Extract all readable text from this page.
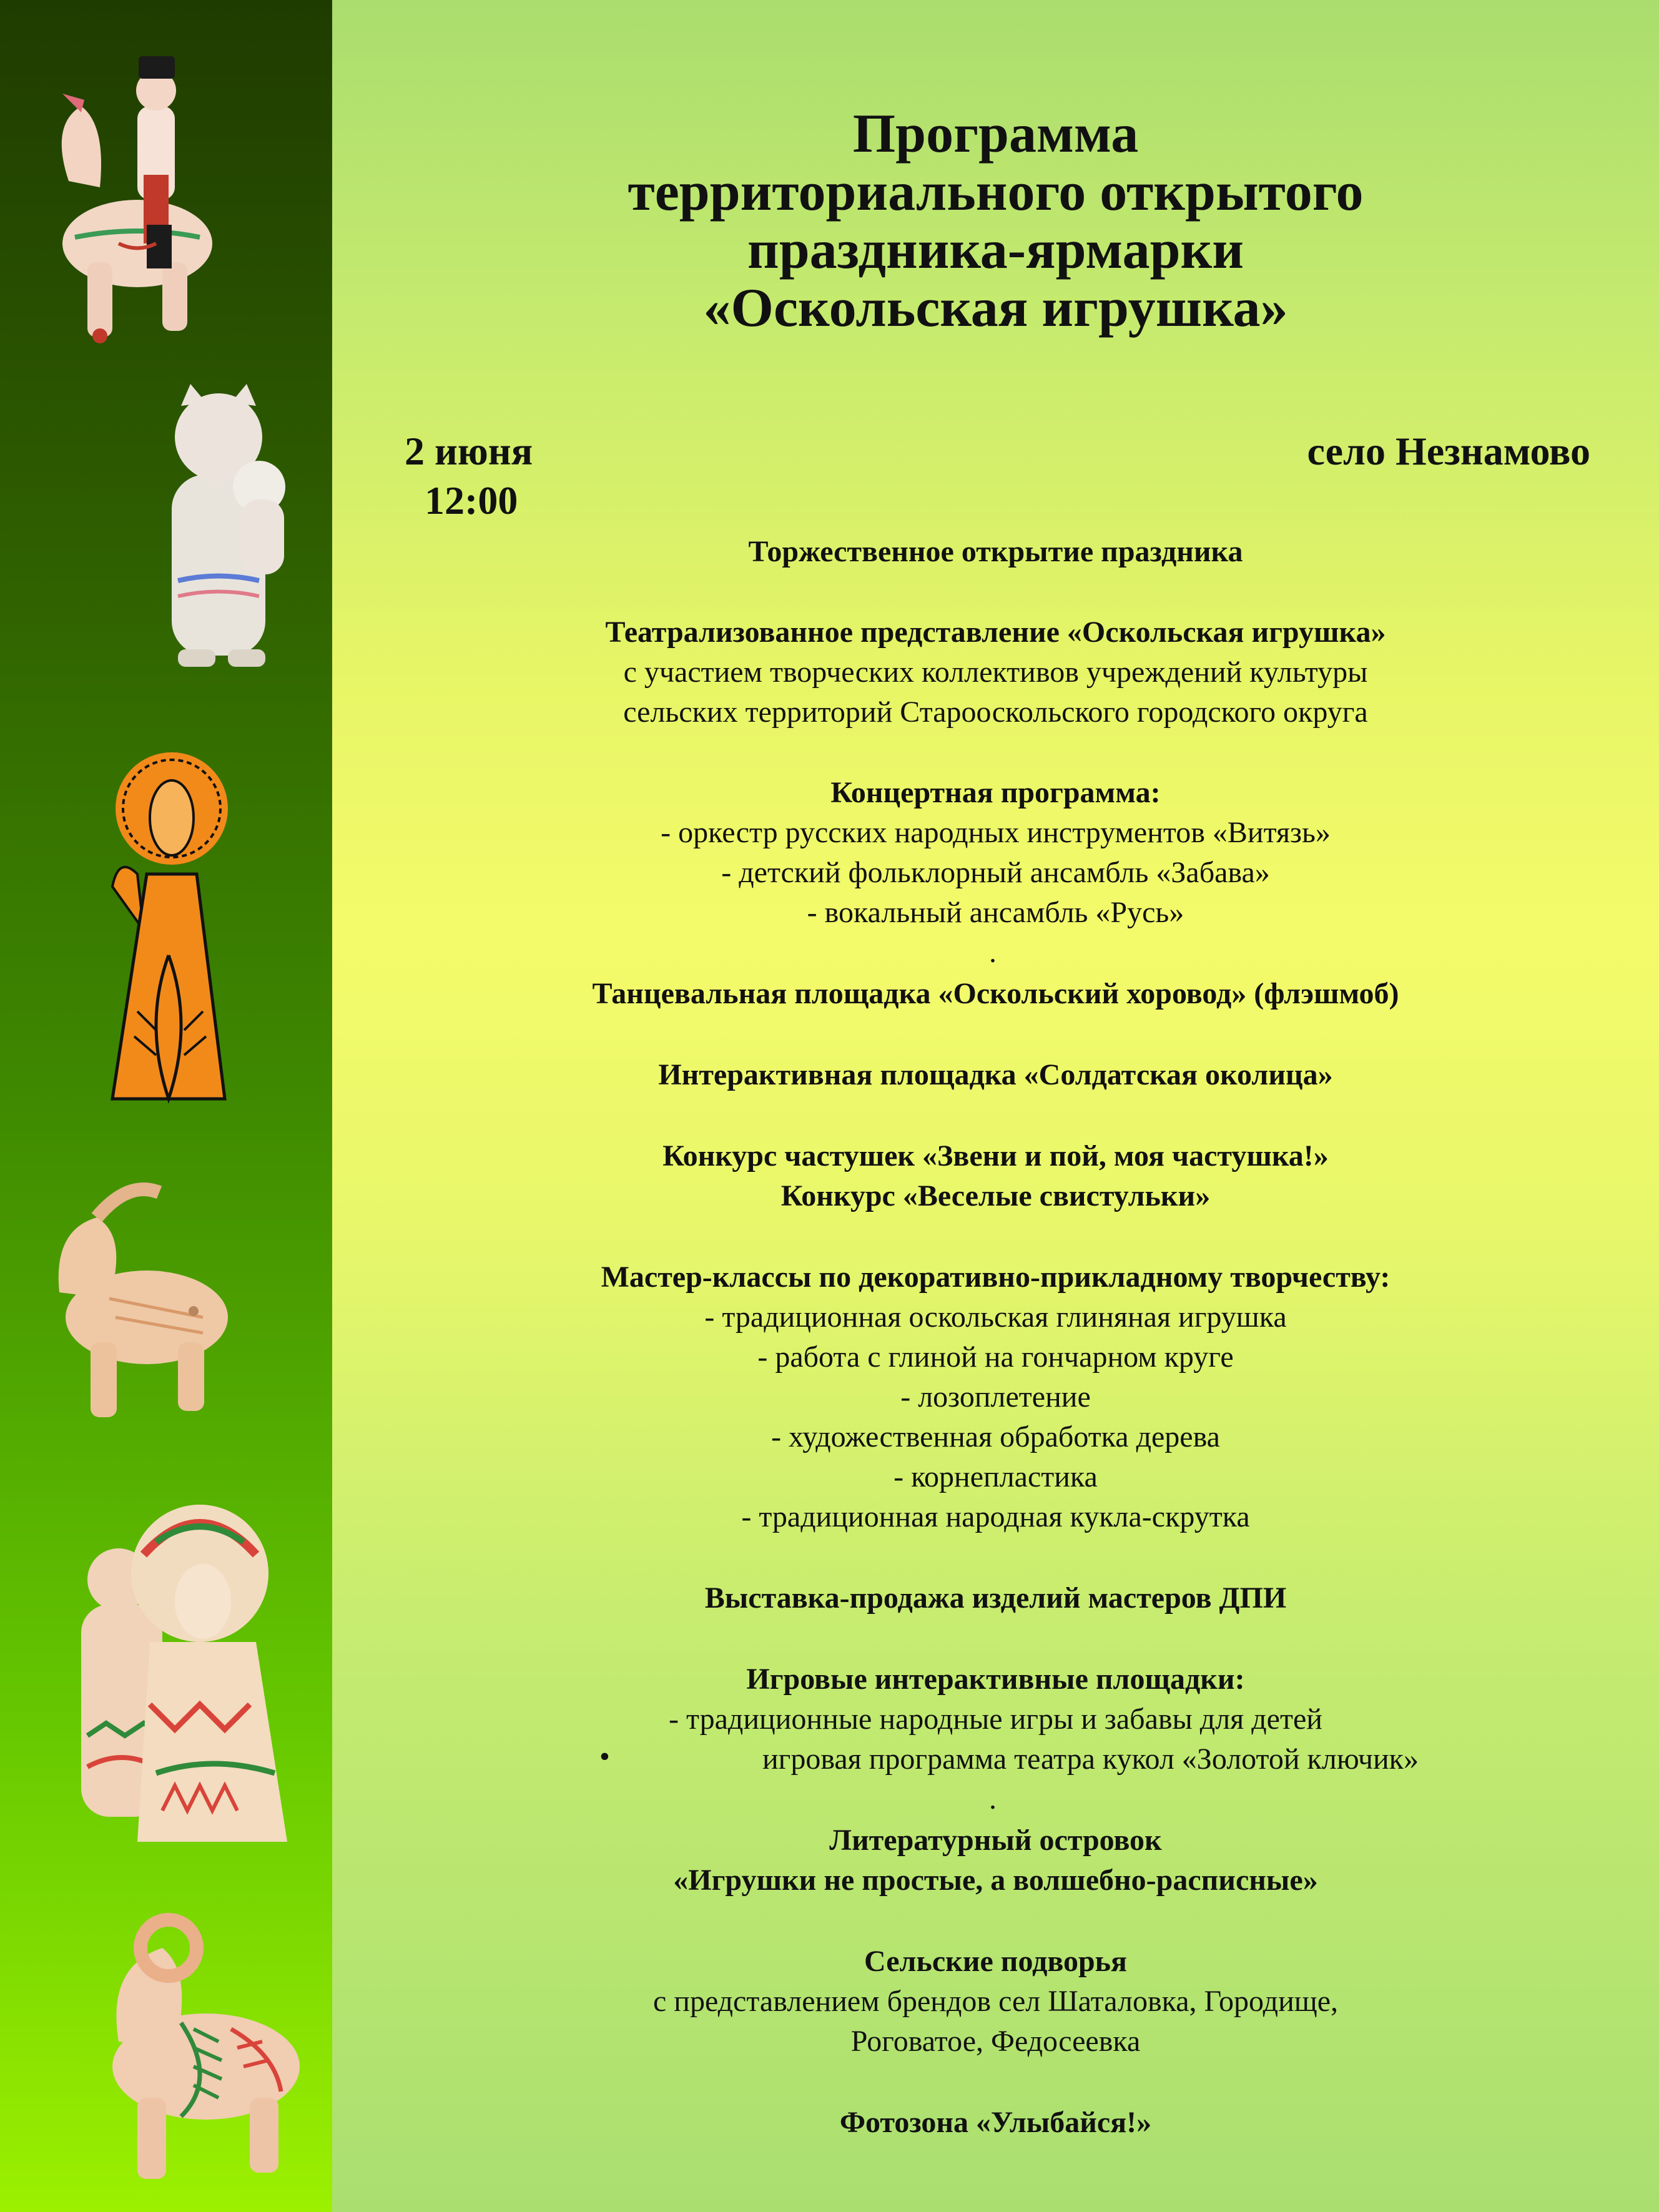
Программа
территориального открытого
праздника-ярмарки
«Оскольская игрушка»
2 июня
12:00
село Незнамово
Торжественное открытие праздника
Театрализованное представление «Оскольская игрушка»
с участием творческих коллективов учреждений культуры
сельских территорий Старооскольского городского округа
Концертная программа:
- оркестр русских народных инструментов «Витязь»
- детский фольклорный ансамбль «Забава»
- вокальный ансамбль «Русь»
.
Танцевальная площадка «Оскольский хоровод» (флэшмоб)
Интерактивная площадка «Солдатская околица»
Конкурс частушек «Звени и пой, моя частушка!»
Конкурс «Веселые свистульки»
Мастер-классы по декоративно-прикладному творчеству:
- традиционная оскольская глиняная игрушка
- работа с глиной на гончарном круге
- лозоплетение
- художественная обработка дерева
- корнепластика
- традиционная народная кукла-скрутка
Выставка-продажа изделий мастеров ДПИ
Игровые интерактивные площадки:
- традиционные народные игры и забавы для детей
игровая программа театра кукол «Золотой ключик»
•
.
Литературный островок
«Игрушки не простые, а волшебно-расписные»
Сельские подворья
с представлением брендов сел Шаталовка, Городище,
Роговатое, Федосеевка
Фотозона «Улыбайся!»
